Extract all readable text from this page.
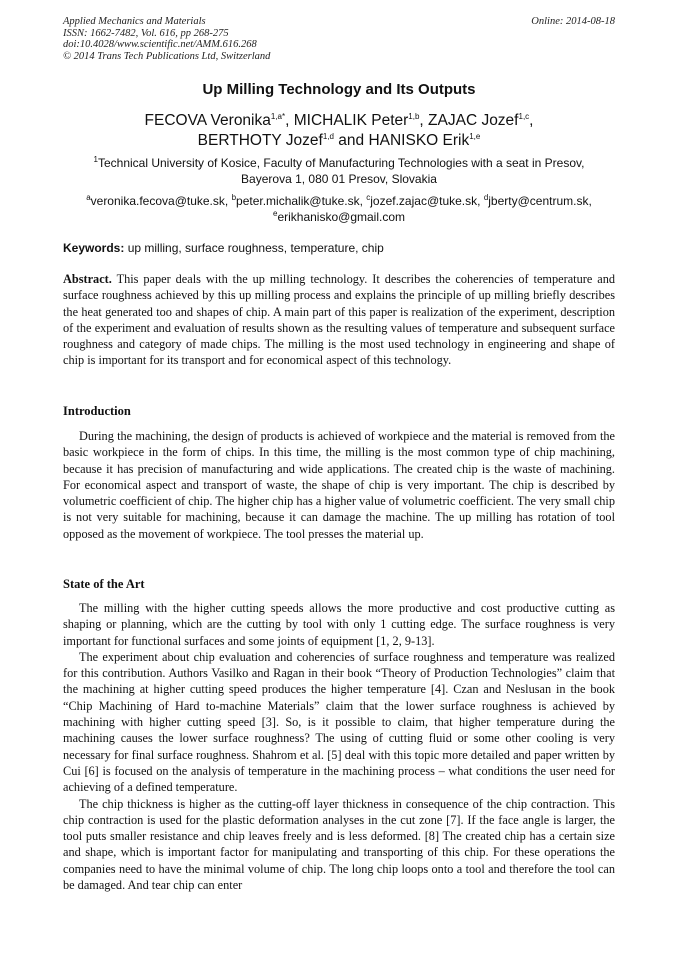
Applied Mechanics and Materials
ISSN: 1662-7482, Vol. 616, pp 268-275
doi:10.4028/www.scientific.net/AMM.616.268
© 2014 Trans Tech Publications Ltd, Switzerland
Online: 2014-08-18
Up Milling Technology and Its Outputs
FECOVA Veronika$^{1,a*}$, MICHALIK Peter$^{1,b}$, ZAJAC Jozef$^{1,c}$,
BERTHOTY Jozef$^{1,d}$ and HANISKO Erik$^{1,e}$
$^1$Technical University of Kosice, Faculty of Manufacturing Technologies with a seat in Presov,
Bayerova 1, 080 01 Presov, Slovakia
$^a$veronika.fecova@tuke.sk, $^b$peter.michalik@tuke.sk, $^c$jozef.zajac@tuke.sk, $^d$jberty@centrum.sk,
$^e$erikhanisko@gmail.com
Keywords: up milling, surface roughness, temperature, chip

Abstract. This paper deals with the up milling technology. It describes the coherencies of temperature and surface roughness achieved by this up milling process and explains the principle of up milling briefly describes the heat generated too and shapes of chip. A main part of this paper is realization of the experiment, description of the experiment and evaluation of results shown as the resulting values of temperature and subsequent surface roughness and category of made chips. The milling is the most used technology in engineering and shape of chip is important for its transport and for economical aspect of this technology.

Introduction

During the machining, the design of products is achieved of workpiece and the material is removed from the basic workpiece in the form of chips. In this time, the milling is the most common type of chip machining, because it has precision of manufacturing and wide applications. The created chip is the waste of machining. For economical aspect and transport of waste, the shape of chip is very important. The chip is described by volumetric coefficient of chip. The higher chip has a higher value of volumetric coefficient. The very small chip is not very suitable for machining, because it can damage the machine. The up milling has rotation of tool opposed as the movement of workpiece. The tool presses the material up.

State of the Art

The milling with the higher cutting speeds allows the more productive and cost productive cutting as shaping or planning, which are the cutting by tool with only 1 cutting edge. The surface roughness is very important for functional surfaces and some joints of equipment [1, 2, 9-13].

The experiment about chip evaluation and coherencies of surface roughness and temperature was realized for this contribution. Authors Vasilko and Ragan in their book “Theory of Production Technologies” claim that the machining at higher cutting speed produces the higher temperature [4]. Czan and Neslusan in the book “Chip Machining of Hard to-machine Materials” claim that the lower surface roughness is achieved by machining with higher cutting speed [3]. So, is it possible to claim, that higher temperature during the machining causes the lower surface roughness? The using of cutting fluid or some other cooling is very necessary for final surface roughness. Shahrom et al. [5] deal with this topic more detailed and paper written by Cui [6] is focused on the analysis of temperature in the machining process – what conditions the user need for achieving of a defined temperature.

The chip thickness is higher as the cutting-off layer thickness in consequence of the chip contraction. This chip contraction is used for the plastic deformation analyses in the cut zone [7]. If the face angle is larger, the tool puts smaller resistance and chip leaves freely and is less deformed. [8] The created chip has a certain size and shape, which is important factor for manipulating and transporting of this chip. For these operations the companies need to have the minimal volume of chip. The long chip loops onto a tool and therefore the tool can be damaged. And tear chip can enter
